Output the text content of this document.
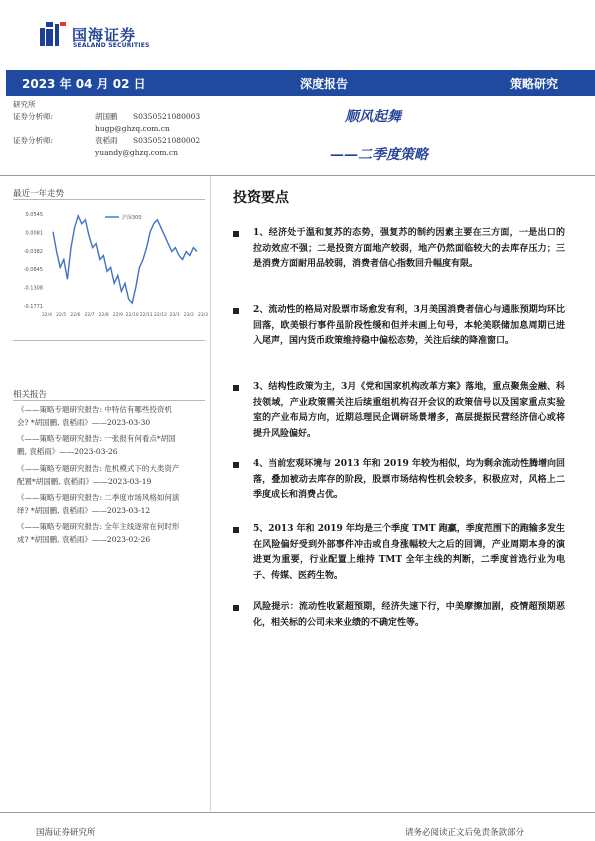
国海证券
SEALAND SECURITIES
2023 年 04 月 02 日	深度报告	策略研究
研究所
证券分析师:	胡国鹏 S0350521080003
hugp@ghzq.com.cn
证券分析师:	袁稻雨 S0350521080002
yuandy@ghzq.com.cn
顺风起舞
——二季度策略
最近一年走势
0.0545
0.0081
-0.0382
-0.0845
-0.1308
-0.1771
22/4 22/5 22/6 22/7 22/8 22/9 22/10 22/11 22/12 23/1 23/2 23/3
沪深300
相关报告
《——策略专题研究报告: 中特估有哪些投资机
会? *胡国鹏, 袁稻雨》——2023-03-30
《——策略专题研究报告: 一张报有何看点*胡国
鹏, 袁稻雨》——2023-03-26
《——策略专题研究报告: 危机模式下的大类资产
配置*胡国鹏, 袁稻雨》——2023-03-19
《——策略专题研究报告: 二季度市场风格如何演
绎? *胡国鹏, 袁稻雨》——2023-03-12
《——策略专题研究报告: 全年主线逐常在何时形
成? *胡国鹏, 袁稻雨》——2023-02-26
投资要点
1、经济处于温和复苏的态势，强复苏的制约因素主要在三方面，一是出口的拉动效应不强；二是投资方面地产较弱，地产仍然面临较大的去库存压力；三是消费方面耐用品较弱，消费者信心指数回升幅度有限。
2、流动性的格局对股票市场愈发有利，3月美国消费者信心与通胀预期均环比回落，欧美银行事件虽阶段性缓和但并未画上句号，本轮美联储加息周期已进入尾声，国内货币政策维持稳中偏松态势，关注后续的降准窗口。
3、结构性政策为主，3月《党和国家机构改革方案》落地，重点聚焦金融、科技领域，产业政策需关注后续重组机构召开会议的政策信号以及国家重点实验室的产业布局方向，近期总理民企调研场景增多，高层提振民营经济信心或将提升风险偏好。
4、当前宏观环境与 2013 年和 2019 年较为相似，均为剩余流动性腾增向回落，叠加被动去库存的阶段，股票市场结构性机会较多，积极应对，风格上二季度成长和消费占优。
5、2013 年和 2019 年均是三个季度 TMT 跑赢，季度范围下的跑输多发生在风险偏好受到外部事件冲击或自身涨幅较大之后的回调，产业周期本身的演进更为重要，行业配置上维持 TMT 全年主线的判断，二季度首选行业为电子、传媒、医药生物。
风险提示：流动性收紧超预期，经济失速下行，中美摩擦加剧，疫情超预期恶化，相关标的公司未来业绩的不确定性等。
国海证券研究所	请务必阅读正文后免责条款部分
